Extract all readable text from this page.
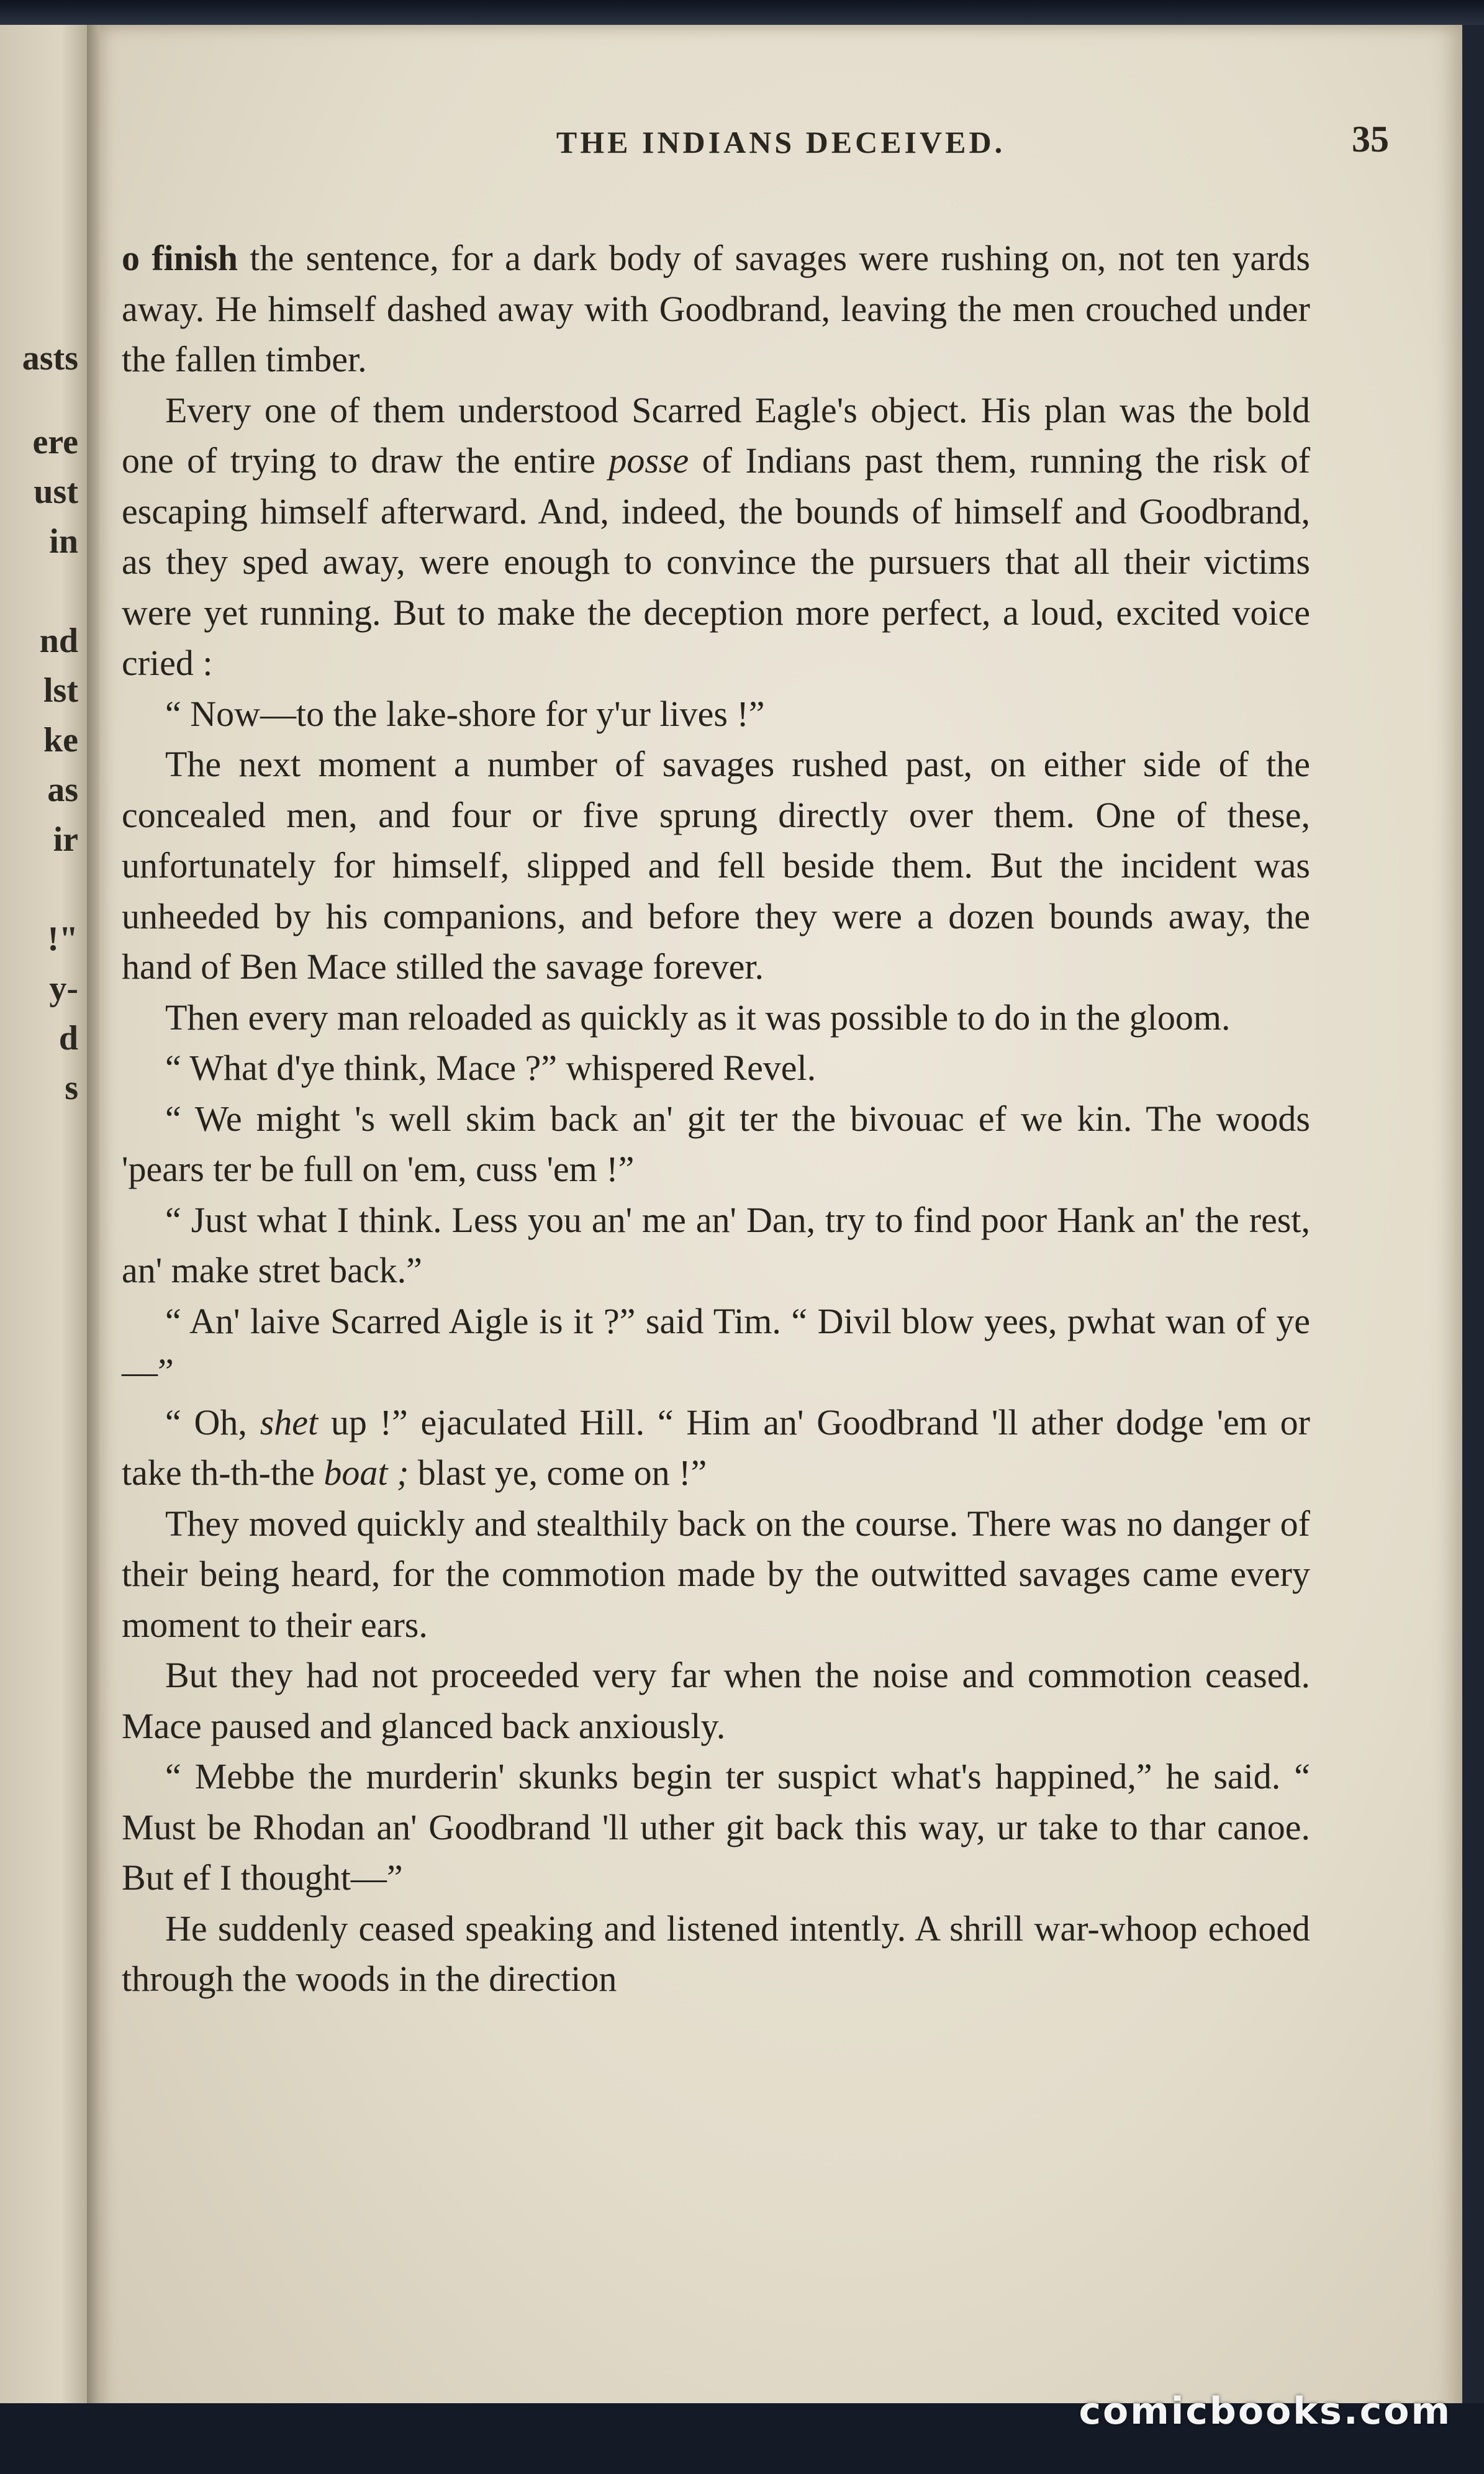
asts
ere
ust
in
nd
lst
ke
as
ir
!"
y-
d
s
THE INDIANS DECEIVED.	35

o finish the sentence, for a dark body of savages were rushing on, not ten yards away. He himself dashed away with Goodbrand, leaving the men crouched under the fallen timber.

Every one of them understood Scarred Eagle's object. His plan was the bold one of trying to draw the entire posse of Indians past them, running the risk of escaping himself afterward. And, indeed, the bounds of himself and Goodbrand, as they sped away, were enough to convince the pursuers that all their victims were yet running. But to make the deception more perfect, a loud, excited voice cried :

“ Now—to the lake-shore for y'ur lives !”

The next moment a number of savages rushed past, on either side of the concealed men, and four or five sprung directly over them. One of these, unfortunately for himself, slipped and fell beside them. But the incident was unheeded by his companions, and before they were a dozen bounds away, the hand of Ben Mace stilled the savage forever.

Then every man reloaded as quickly as it was possible to do in the gloom.

“ What d'ye think, Mace ?” whispered Revel.

“ We might 's well skim back an' git ter the bivouac ef we kin. The woods 'pears ter be full on 'em, cuss 'em !”

“ Just what I think. Less you an' me an' Dan, try to find poor Hank an' the rest, an' make stret back.”

“ An' laive Scarred Aigle is it ?” said Tim. “ Divil blow yees, pwhat wan of ye—”

“ Oh, shet up !” ejaculated Hill. “ Him an' Goodbrand 'll ather dodge 'em or take th-th-the boat ; blast ye, come on !”

They moved quickly and stealthily back on the course. There was no danger of their being heard, for the commotion made by the outwitted savages came every moment to their ears.

But they had not proceeded very far when the noise and commotion ceased. Mace paused and glanced back anxiously.

“ Mebbe the murderin' skunks begin ter suspict what's happined,” he said. “ Must be Rhodan an' Goodbrand 'll uther git back this way, ur take to thar canoe. But ef I thought—”

He suddenly ceased speaking and listened intently. A shrill war-whoop echoed through the woods in the direction

comicbooks.com
